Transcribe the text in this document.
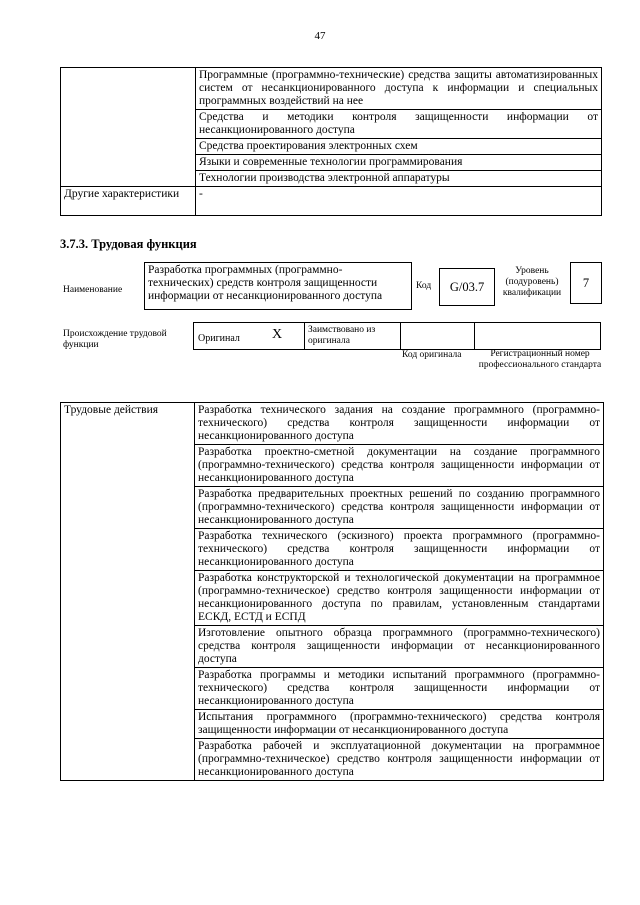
47
	Программные (программно-технические) средства защиты автоматизированных систем от несанкционированного доступа к информации и специальных программных воздействий на нее
	Средства и методики контроля защищенности информации от несанкционированного доступа
	Средства проектирования электронных схем
	Языки и современные технологии программирования
	Технологии производства электронной аппаратуры
Другие характеристики	-
3.7.3. Трудовая функция
Наименование
Разработка программных (программно-технических) средств контроля защищенности информации от несанкционированного доступа
Код	G/03.7
Уровень (подуровень) квалификации
7
Происхождение трудовой функции
Оригинал X	Заимствовано из оригинала
Код оригинала	Регистрационный номер профессионального стандарта
Трудовые действия	Разработка технического задания на создание программного (программно-технического) средства контроля защищенности информации от несанкционированного доступа
Разработка проектно-сметной документации на создание программного (программно-технического) средства контроля защищенности информации от несанкционированного доступа
Разработка предварительных проектных решений по созданию программного (программно-технического) средства контроля защищенности информации от несанкционированного доступа
Разработка технического (эскизного) проекта программного (программно-технического) средства контроля защищенности информации от несанкционированного доступа
Разработка конструкторской и технологической документации на программное (программно-техническое) средство контроля защищенности информации от несанкционированного доступа по правилам, установленным стандартами ЕСКД, ЕСТД и ЕСПД
Изготовление опытного образца программного (программно-технического) средства контроля защищенности информации от несанкционированного доступа
Разработка программы и методики испытаний программного (программно-технического) средства контроля защищенности информации от несанкционированного доступа
Испытания программного (программно-технического) средства контроля защищенности информации от несанкционированного доступа
Разработка рабочей и эксплуатационной документации на программное (программно-техническое) средство контроля защищенности информации от несанкционированного доступа
